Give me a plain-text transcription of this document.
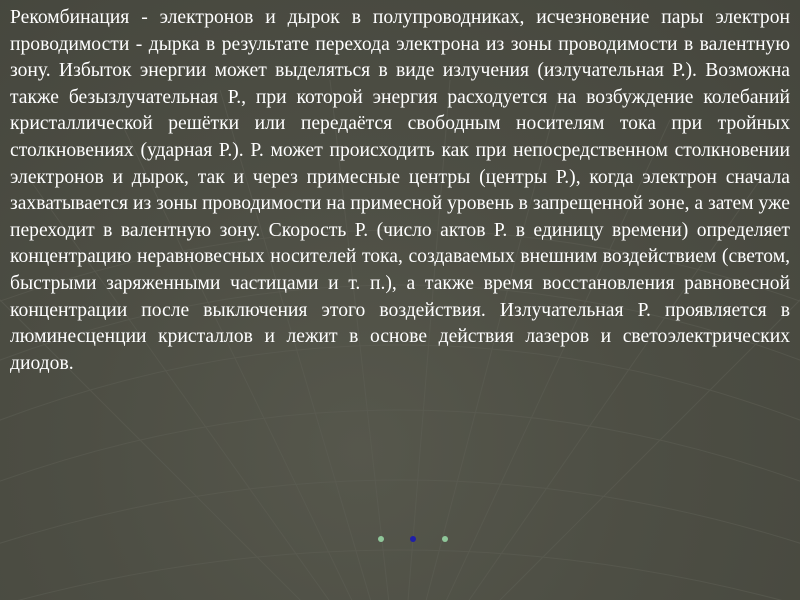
Рекомбинация - электронов и дырок в полупроводниках, исчезновение пары электрон проводимости - дырка в результате перехода электрона из зоны проводимости в валентную зону. Избыток энергии может выделяться в виде излучения (излучательная Р.). Возможна также безызлучательная Р., при которой энергия расходуется на возбуждение колебаний кристаллической решётки или передаётся свободным носителям тока при тройных столкновениях (ударная Р.). Р. может происходить как при непосредственном столкновении электронов и дырок, так и через примесные центры (центры Р.), когда электрон сначала захватывается из зоны проводимости на примесной уровень в запрещенной зоне, а затем уже переходит в валентную зону. Скорость Р. (число актов Р. в единицу времени) определяет концентрацию неравновесных носителей тока, создаваемых внешним воздействием (светом, быстрыми заряженными частицами и т. п.), а также время восстановления равновесной концентрации после выключения этого воздействия. Излучательная Р. проявляется в люминесценции кристаллов и лежит в основе действия лазеров и светоэлектрических диодов.
